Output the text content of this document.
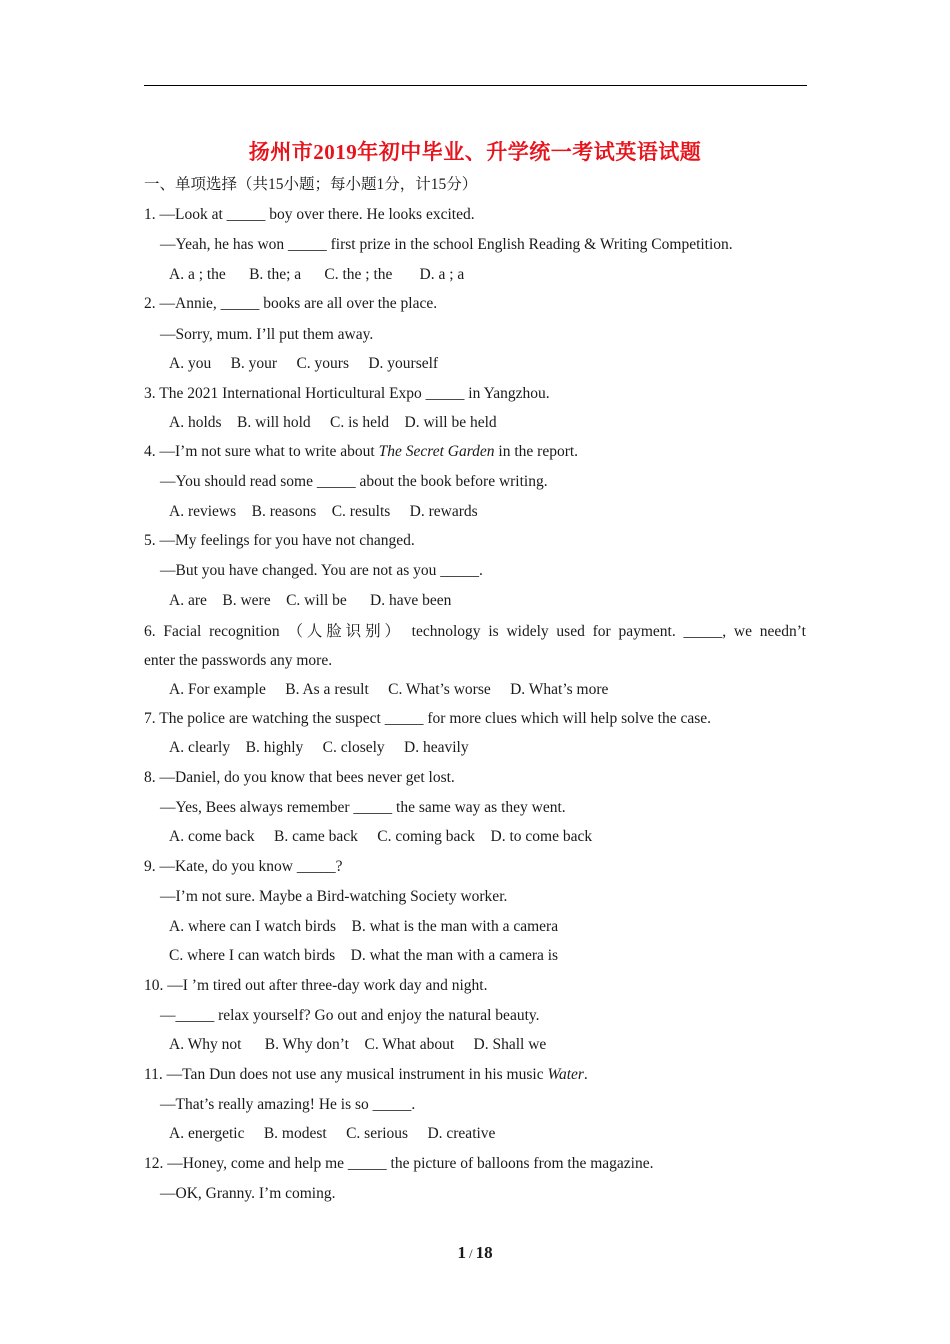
扬州市2019年初中毕业、升学统一考试英语试题
一、单项选择（共15小题；每小题1分，计15分）
1. —Look at _____ boy over there. He looks excited.
—Yeah, he has won _____ first prize in the school English Reading & Writing Competition.
A. a ; the      B. the; a      C. the ; the       D. a ; a
2. —Annie, _____ books are all over the place.
—Sorry, mum. I’ll put them away.
A. you     B. your     C. yours     D. yourself
3. The 2021 International Horticultural Expo _____ in Yangzhou.
A. holds    B. will hold     C. is held    D. will be held
4. —I’m not sure what to write about The Secret Garden in the report.
—You should read some _____ about the book before writing.
A. reviews    B. reasons    C. results     D. rewards
5. —My feelings for you have not changed.
—But you have changed. You are not as you _____.
A. are    B. were    C. will be      D. have been
6. Facial recognition （人脸识别） technology is widely used for payment. _____, we needn’t
enter the passwords any more.
A. For example     B. As a result     C. What’s worse     D. What’s more
7. The police are watching the suspect _____ for more clues which will help solve the case.
A. clearly    B. highly     C. closely     D. heavily
8. —Daniel, do you know that bees never get lost.
—Yes, Bees always remember _____ the same way as they went.
A. come back     B. came back     C. coming back    D. to come back
9. —Kate, do you know _____?
—I’m not sure. Maybe a Bird-watching Society worker.
A. where can I watch birds    B. what is the man with a camera
C. where I can watch birds    D. what the man with a camera is
10. —I ’m tired out after three-day work day and night.
—_____ relax yourself? Go out and enjoy the natural beauty.
A. Why not      B. Why don’t    C. What about     D. Shall we
11. —Tan Dun does not use any musical instrument in his music Water.
—That’s really amazing! He is so _____.
A. energetic     B. modest     C. serious     D. creative
12. —Honey, come and help me _____ the picture of balloons from the magazine.
—OK, Granny. I’m coming.
1 / 18
